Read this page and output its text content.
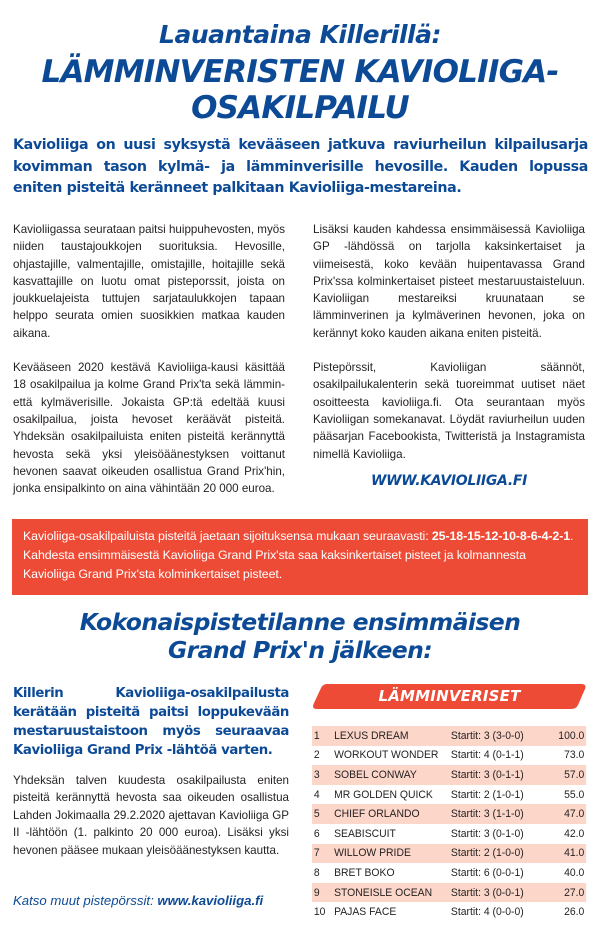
Lauantaina Killerillä:
LÄMMINVERISTEN KAVIOLIIGA-
OSAKILPAILU
Kavioliiga on uusi syksystä kevääseen jatkuva raviurheilun kilpailusarja kovimman tason kylmä- ja lämminverisille hevosille. Kauden lopussa eniten pisteitä keränneet palkitaan Kavioliiga-mestareina.

Kavioliigassa seurataan paitsi huippuhevosten, myös niiden taustajoukkojen suorituksia. Hevosille, ohjastajille, valmentajille, omistajille, hoitajille sekä kasvattajille on luotu omat pisteporssit, joista on joukkuelajeista tuttujen sarjataulukkojen tapaan helppo seurata omien suosikkien matkaa kauden aikana.

Kevääseen 2020 kestävä Kavioliiga-kausi käsittää 18 osakilpailua ja kolme Grand Prix'ta sekä lämmin- että kylmäverisille. Jokaista GP:tä edeltää kuusi osakilpailua, joista hevoset keräävät pisteitä. Yhdeksän osakilpailuista eniten pisteitä kerännyttä hevosta sekä yksi yleisöäänestyksen voittanut hevonen saavat oikeuden osallistua Grand Prix'hin, jonka ensipalkinto on aina vähintään 20 000 euroa.

Lisäksi kauden kahdessa ensimmäisessä Kavioliiga GP -lähdössä on tarjolla kaksinkertaiset ja viimeisestä, koko kevään huipentavassa Grand Prix'ssa kolminkertaiset pisteet mestaruustaisteluun. Kavioliigan mestareiksi kruunataan se lämminverinen ja kylmäverinen hevonen, joka on kerännyt koko kauden aikana eniten pisteitä.

Pistepörssit, Kavioliigan säännöt, osakilpailukalenterin sekä tuoreimmat uutiset näet osoitteesta kavioliiga.fi. Ota seurantaan myös Kavioliigan somekanavat. Löydät raviurheilun uuden pääsarjan Facebookista, Twitteristä ja Instagramista nimellä Kavioliiga.

WWW.KAVIOLIIGA.FI
Kavioliiga-osakilpailuista pisteitä jaetaan sijoituksensa mukaan seuraavasti: 25-18-15-12-10-8-6-4-2-1. Kahdesta ensimmäisestä Kavioliiga Grand Prix'sta saa kaksinkertaiset pisteet ja kolmannesta Kavioliiga Grand Prix'sta kolminkertaiset pisteet.
Kokonaispistetilanne ensimmäisen
Grand Prix'n jälkeen:
Killerin Kavioliiga-osakilpailusta kerätään pisteitä paitsi loppukevään mestaruustaistoon myös seuraavaa Kavioliiga Grand Prix -lähtöä varten.
Yhdeksän talven kuudesta osakilpailusta eniten pisteitä kerännyttä hevosta saa oikeuden osallistua Lahden Jokimaalla 29.2.2020 ajettavan Kavioliiga GP II -lähtöön (1. palkinto 20 000 euroa). Lisäksi yksi hevonen pääsee mukaan yleisöäänestyksen kautta.
Katso muut pistepörssit: www.kavioliiga.fi
LÄMMINVERISET
1	LEXUS DREAM	Startit: 3 (3-0-0)	100.0
2	WORKOUT WONDER	Startit: 4 (0-1-1)	73.0
3	SOBEL CONWAY	Startit: 3 (0-1-1)	57.0
4	MR GOLDEN QUICK	Startit: 2 (1-0-1)	55.0
5	CHIEF ORLANDO	Startit: 3 (1-1-0)	47.0
6	SEABISCUIT	Startit: 3 (0-1-0)	42.0
7	WILLOW PRIDE	Startit: 2 (1-0-0)	41.0
8	BRET BOKO	Startit: 6 (0-0-1)	40.0
9	STONEISLE OCEAN	Startit: 3 (0-0-1)	27.0
10 PAJAS FACE	Startit: 4 (0-0-0)	26.0
